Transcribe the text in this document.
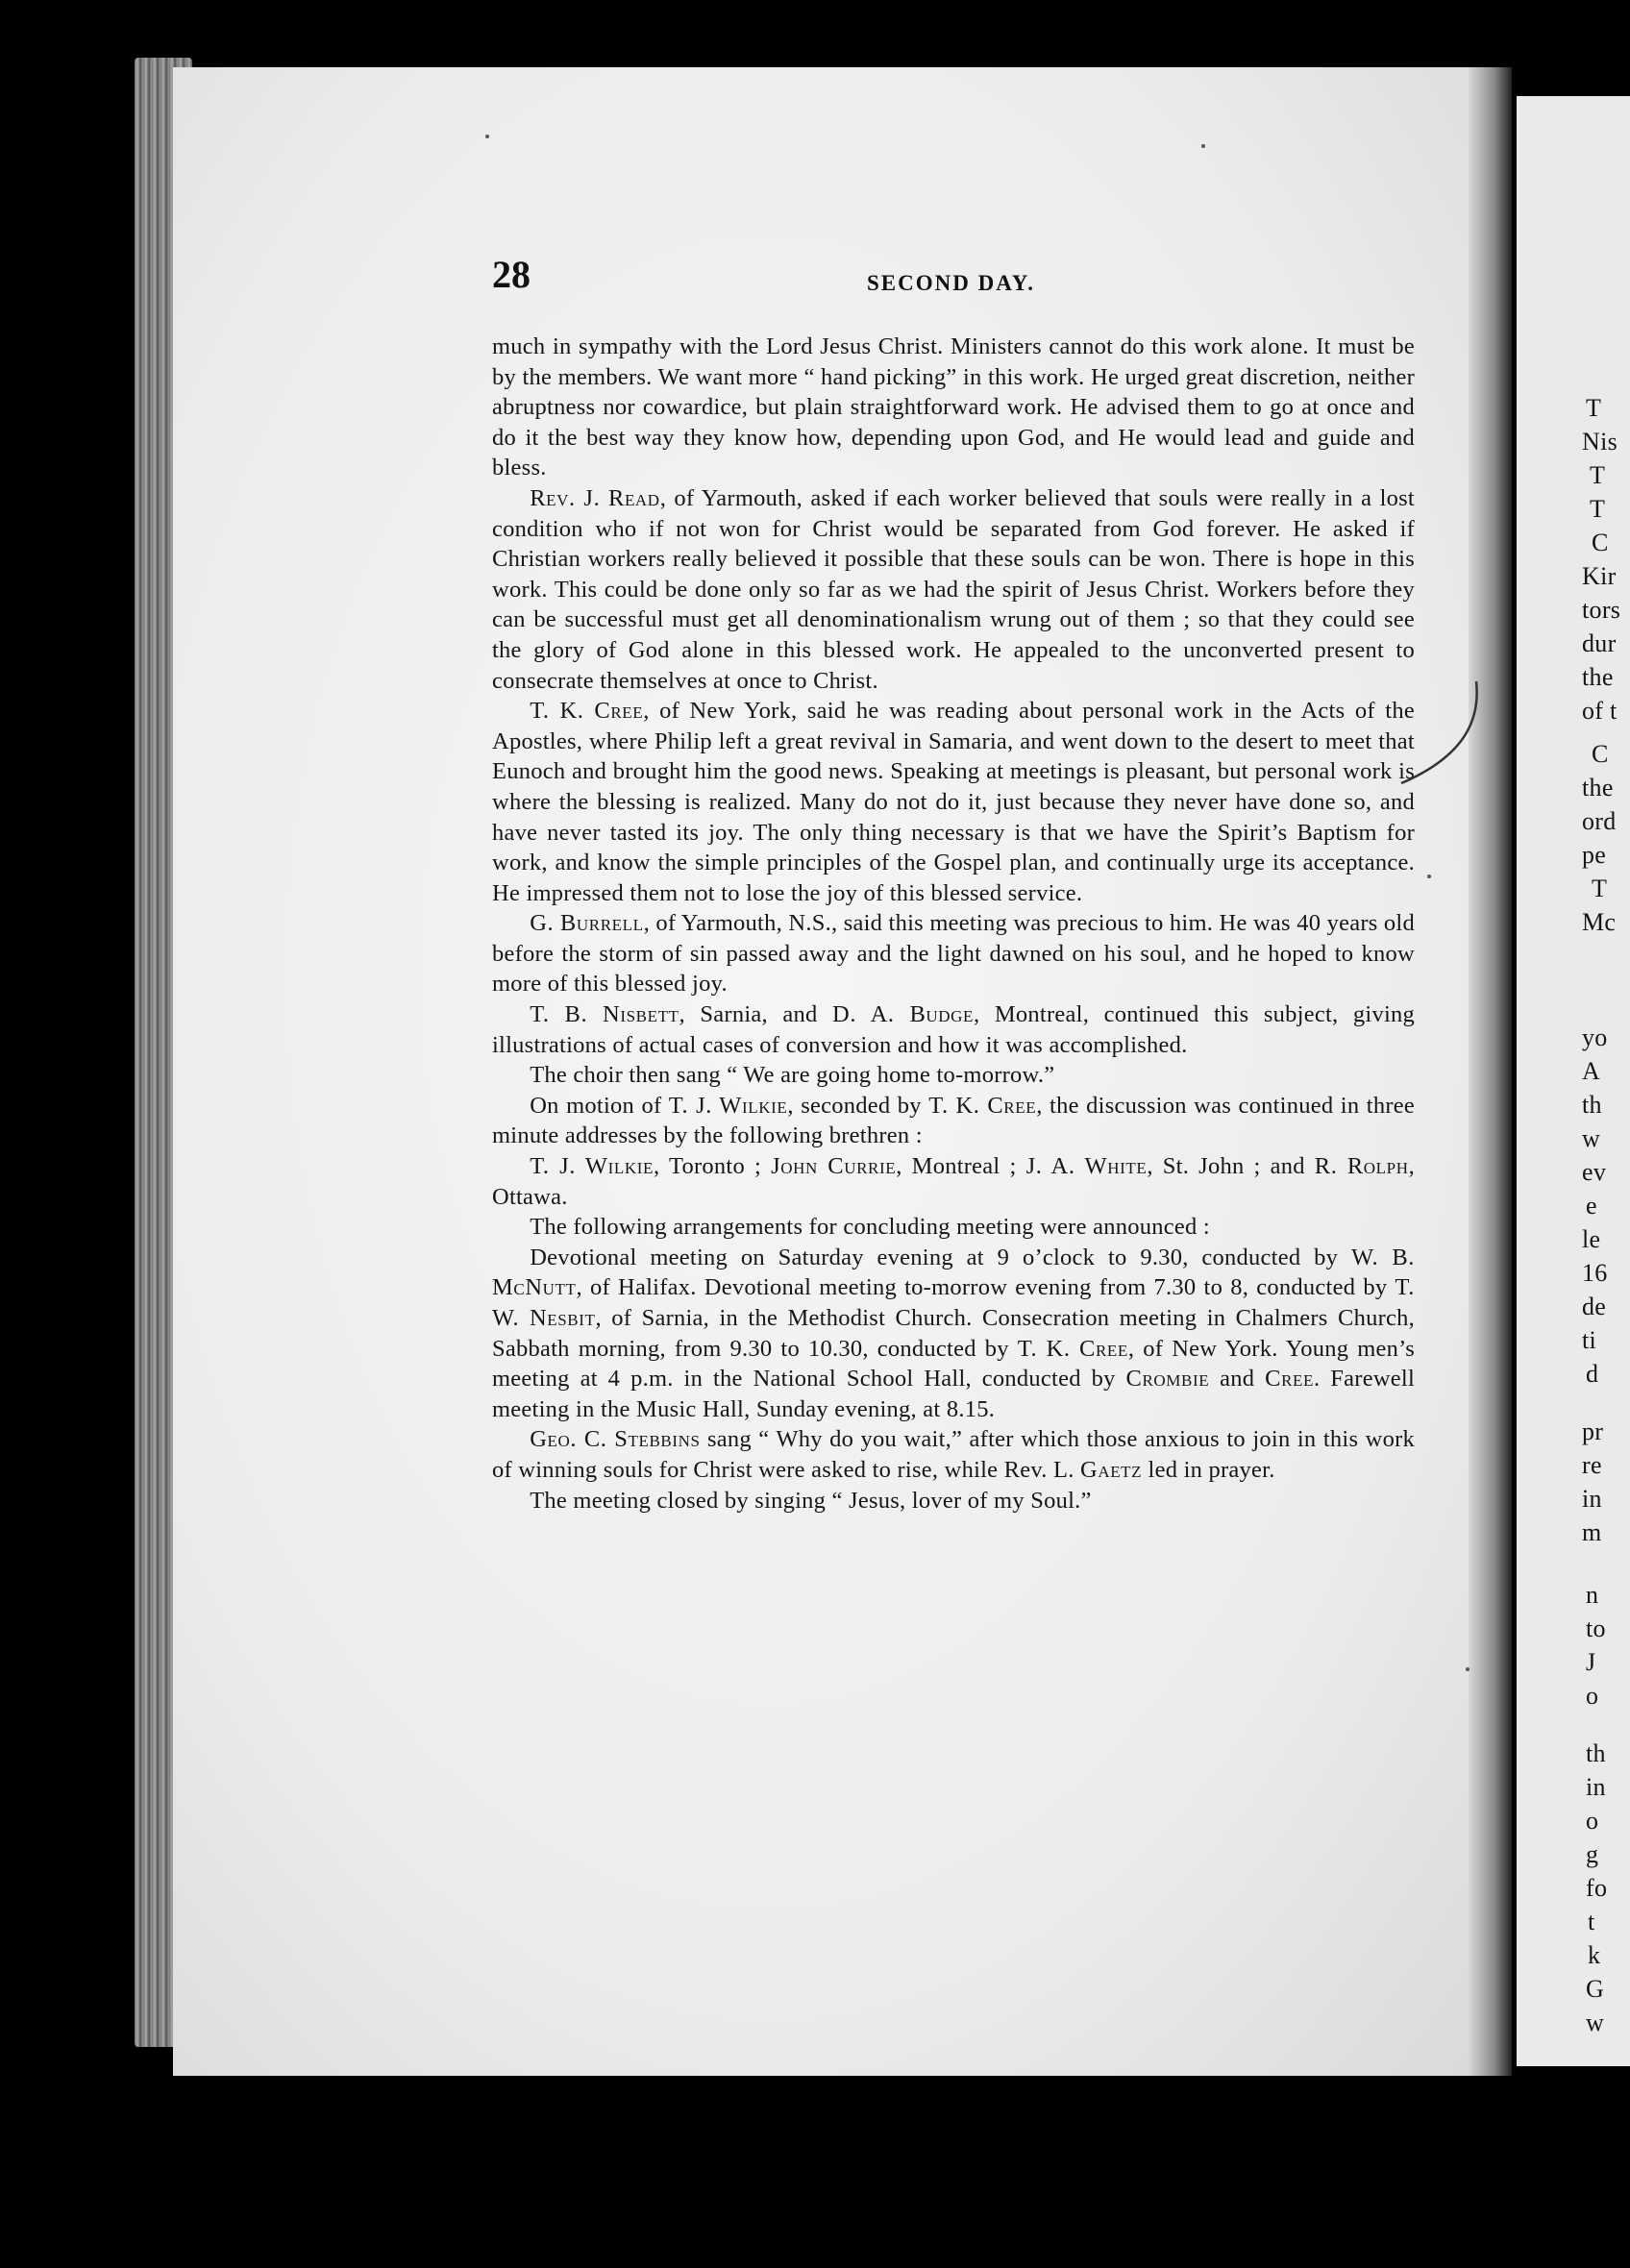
T
Nis
T
T
C
Kir
tors
dur
the
of t
C
the
ord
pe
T
Mc
yo
A
th
w
ev
e
le
16
de
ti
d
pr
re
in
m
n
to
J
o
th
in
o
g
fo
t
k
G
w
28	SECOND DAY.

much in sympathy with the Lord Jesus Christ. Ministers cannot do this work alone. It must be by the members. We want more “ hand picking” in this work. He urged great discretion, neither abruptness nor cowardice, but plain straightforward work. He advised them to go at once and do it the best way they know how, depending upon God, and He would lead and guide and bless.

Rev. J. Read, of Yarmouth, asked if each worker believed that souls were really in a lost condition who if not won for Christ would be separated from God forever. He asked if Christian workers really believed it possible that these souls can be won. There is hope in this work. This could be done only so far as we had the spirit of Jesus Christ. Workers before they can be successful must get all denominationalism wrung out of them ; so that they could see the glory of God alone in this blessed work. He appealed to the unconverted present to consecrate themselves at once to Christ.

T. K. Cree, of New York, said he was reading about personal work in the Acts of the Apostles, where Philip left a great revival in Samaria, and went down to the desert to meet that Eunoch and brought him the good news. Speaking at meetings is pleasant, but personal work is where the blessing is realized. Many do not do it, just because they never have done so, and have never tasted its joy. The only thing necessary is that we have the Spirit’s Baptism for work, and know the simple principles of the Gospel plan, and continually urge its acceptance. He impressed them not to lose the joy of this blessed service.

G. Burrell, of Yarmouth, N.S., said this meeting was precious to him. He was 40 years old before the storm of sin passed away and the light dawned on his soul, and he hoped to know more of this blessed joy.

T. B. Nisbett, Sarnia, and D. A. Budge, Montreal, continued this subject, giving illustrations of actual cases of conversion and how it was accomplished.

The choir then sang “ We are going home to-morrow.”

On motion of T. J. Wilkie, seconded by T. K. Cree, the discussion was continued in three minute addresses by the following brethren :

T. J. Wilkie, Toronto ; John Currie, Montreal ; J. A. White, St. John ; and R. Rolph, Ottawa.

The following arrangements for concluding meeting were announced :

Devotional meeting on Saturday evening at 9 o’clock to 9.30, conducted by W. B. McNutt, of Halifax. Devotional meeting to-morrow evening from 7.30 to 8, conducted by T. W. Nesbit, of Sarnia, in the Methodist Church. Consecration meeting in Chalmers Church, Sabbath morning, from 9.30 to 10.30, conducted by T. K. Cree, of New York. Young men’s meeting at 4 p.m. in the National School Hall, conducted by Crombie and Cree. Farewell meeting in the Music Hall, Sunday evening, at 8.15.

Geo. C. Stebbins sang “ Why do you wait,” after which those anxious to join in this work of winning souls for Christ were asked to rise, while Rev. L. Gaetz led in prayer.

The meeting closed by singing “ Jesus, lover of my Soul.”
